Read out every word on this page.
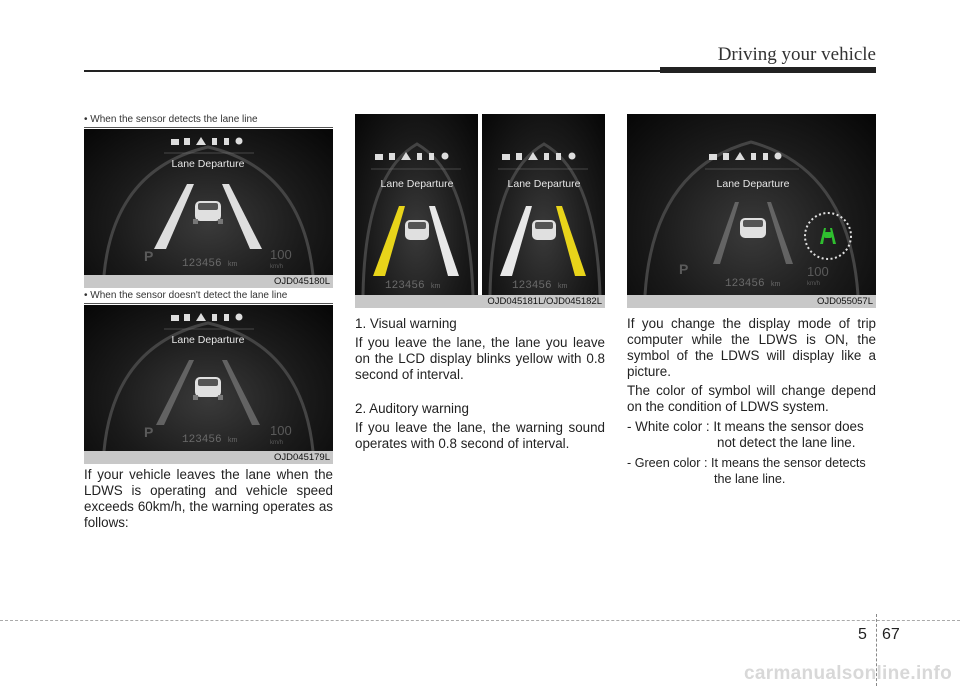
Driving your vehicle
• When the sensor detects the lane line
Lane Departure
P	123456 km
100
km/h
OJD045180L
• When the sensor doesn't detect the lane line
Lane Departure
P	123456 km
100
km/h
OJD045179L

If your vehicle leaves the lane when the LDWS is operating and vehicle speed exceeds 60km/h, the warning operates as follows:

Lane Departure
123456 km
Lane Departure
123456 km
OJD045181L/OJD045182L

1. Visual warning

If you leave the lane, the lane you leave on the LCD display blinks yellow with 0.8 second of interval.

2. Auditory warning

If you leave the lane, the warning sound operates with 0.8 second of interval.

Lane Departure
P
123456 km
100
km/h
OJD055057L

If you change the display mode of trip computer while the LDWS is ON, the symbol of the LDWS will display like a picture.

The color of symbol will change depend on the condition of LDWS system.

- White color : It means the sensor does

not detect the lane line.

- Green color : It means the sensor detects

the lane line.

5 67
carmanualsonline.info
